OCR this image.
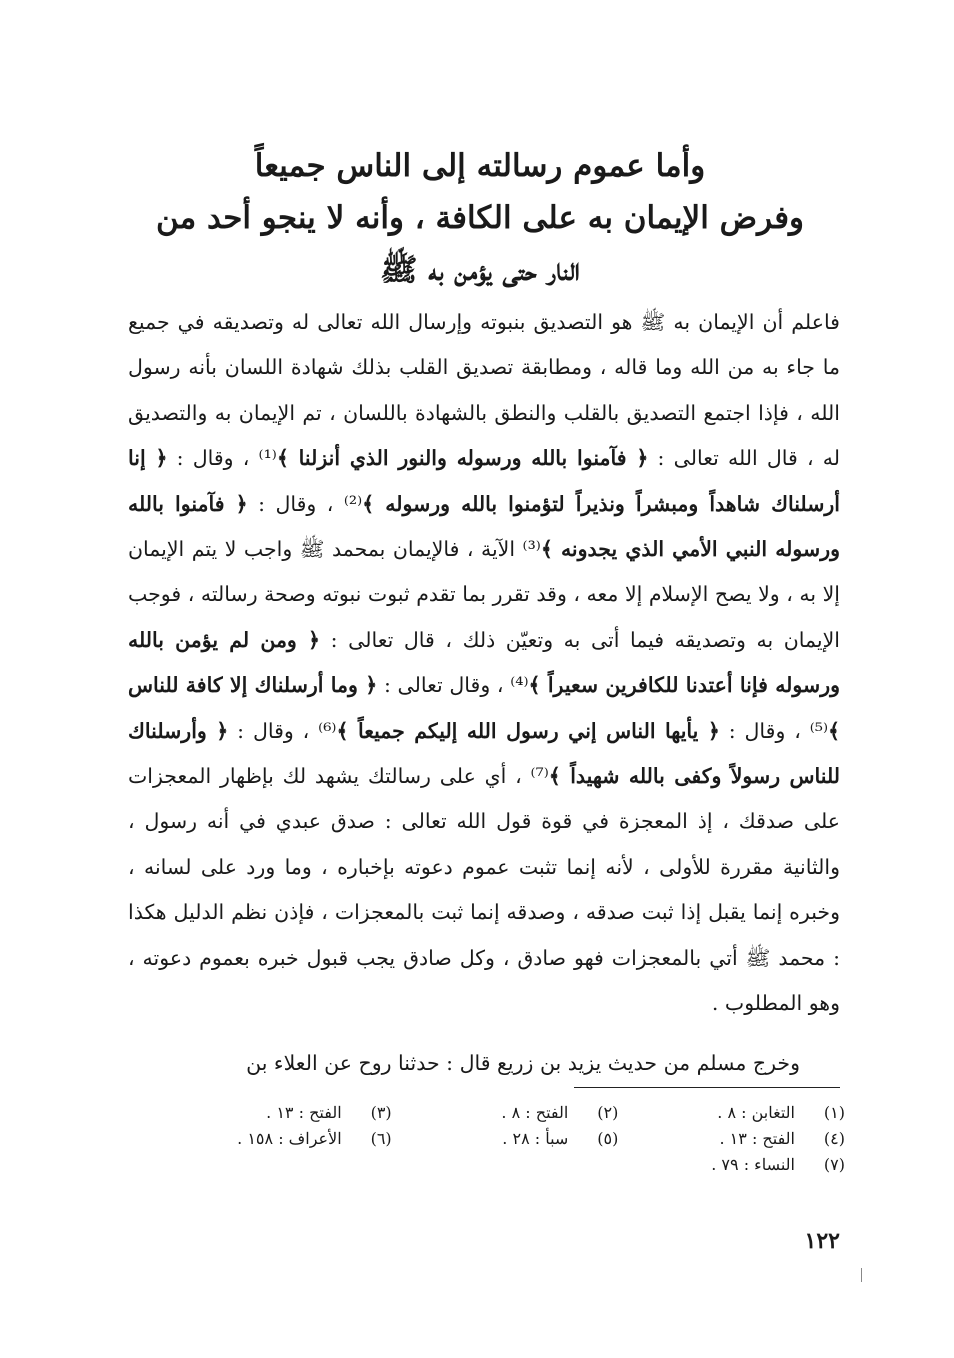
وأما عموم رسالته إلى الناس جميعاً
وفرض الإيمان به على الكافة ، وأنه لا ينجو أحد من
النار حتى يؤمن به ﷺ
فاعلم أن الإيمان به ﷺ هو التصديق بنبوته وإرسال الله تعالى له وتصديقه في جميع ما جاء به من الله وما قاله ، ومطابقة تصديق القلب بذلك شهادة اللسان بأنه رسول الله ، فإذا اجتمع التصديق بالقلب والنطق بالشهادة باللسان ، تم الإيمان به والتصديق له ، قال الله تعالى : ﴿ فآمنوا بالله ورسوله والنور الذي أنزلنا ﴾⁽¹⁾ ، وقال : ﴿ إنا أرسلناك شاهداً ومبشراً ونذيراً لتؤمنوا بالله ورسوله ﴾⁽²⁾ ، وقال : ﴿ فآمنوا بالله ورسوله النبي الأمي الذي يجدونه ﴾⁽³⁾ الآية ، فالإيمان بمحمد ﷺ واجب لا يتم الإيمان إلا به ، ولا يصح الإسلام إلا معه ، وقد تقرر بما تقدم ثبوت نبوته وصحة رسالته ، فوجب الإيمان به وتصديقه فيما أتى به وتعيّن ذلك ، قال تعالى : ﴿ ومن لم يؤمن بالله ورسوله فإنا أعتدنا للكافرين سعيراً ﴾⁽⁴⁾ ، وقال تعالى : ﴿ وما أرسلناك إلا كافة للناس ﴾⁽⁵⁾ ، وقال : ﴿ يأيها الناس إني رسول الله إليكم جميعاً ﴾⁽⁶⁾ ، وقال : ﴿ وأرسلناك للناس رسولاً وكفى بالله شهيداً ﴾⁽⁷⁾ ، أي على رسالتك يشهد لك بإظهار المعجزات على صدقك ، إذ المعجزة في قوة قول الله تعالى : صدق عبدي في أنه رسول ، والثانية مقررة للأولى ، لأنه إنما تثبت عموم دعوته بإخباره ، وما ورد على لسانه ، وخبره إنما يقبل إذا ثبت صدقه ، وصدقه إنما ثبت بالمعجزات ، فإذن نظم الدليل هكذا : محمد ﷺ أتي بالمعجزات فهو صادق ، وكل صادق يجب قبول خبره بعموم دعوته ، وهو المطلوب .
وخرج مسلم من حديث يزيد بن زريع قال : حدثنا روح عن العلاء بن
(١)
التغابن : ٨ .
(٢)
الفتح : ٨ .
(٣)
الفتح : ١٣ .
(٤)
الفتح : ١٣ .
(٥)
سبأ : ٢٨ .
(٦)
الأعراف : ١٥٨ .
(٧)
النساء : ٧٩ .
١٢٢
